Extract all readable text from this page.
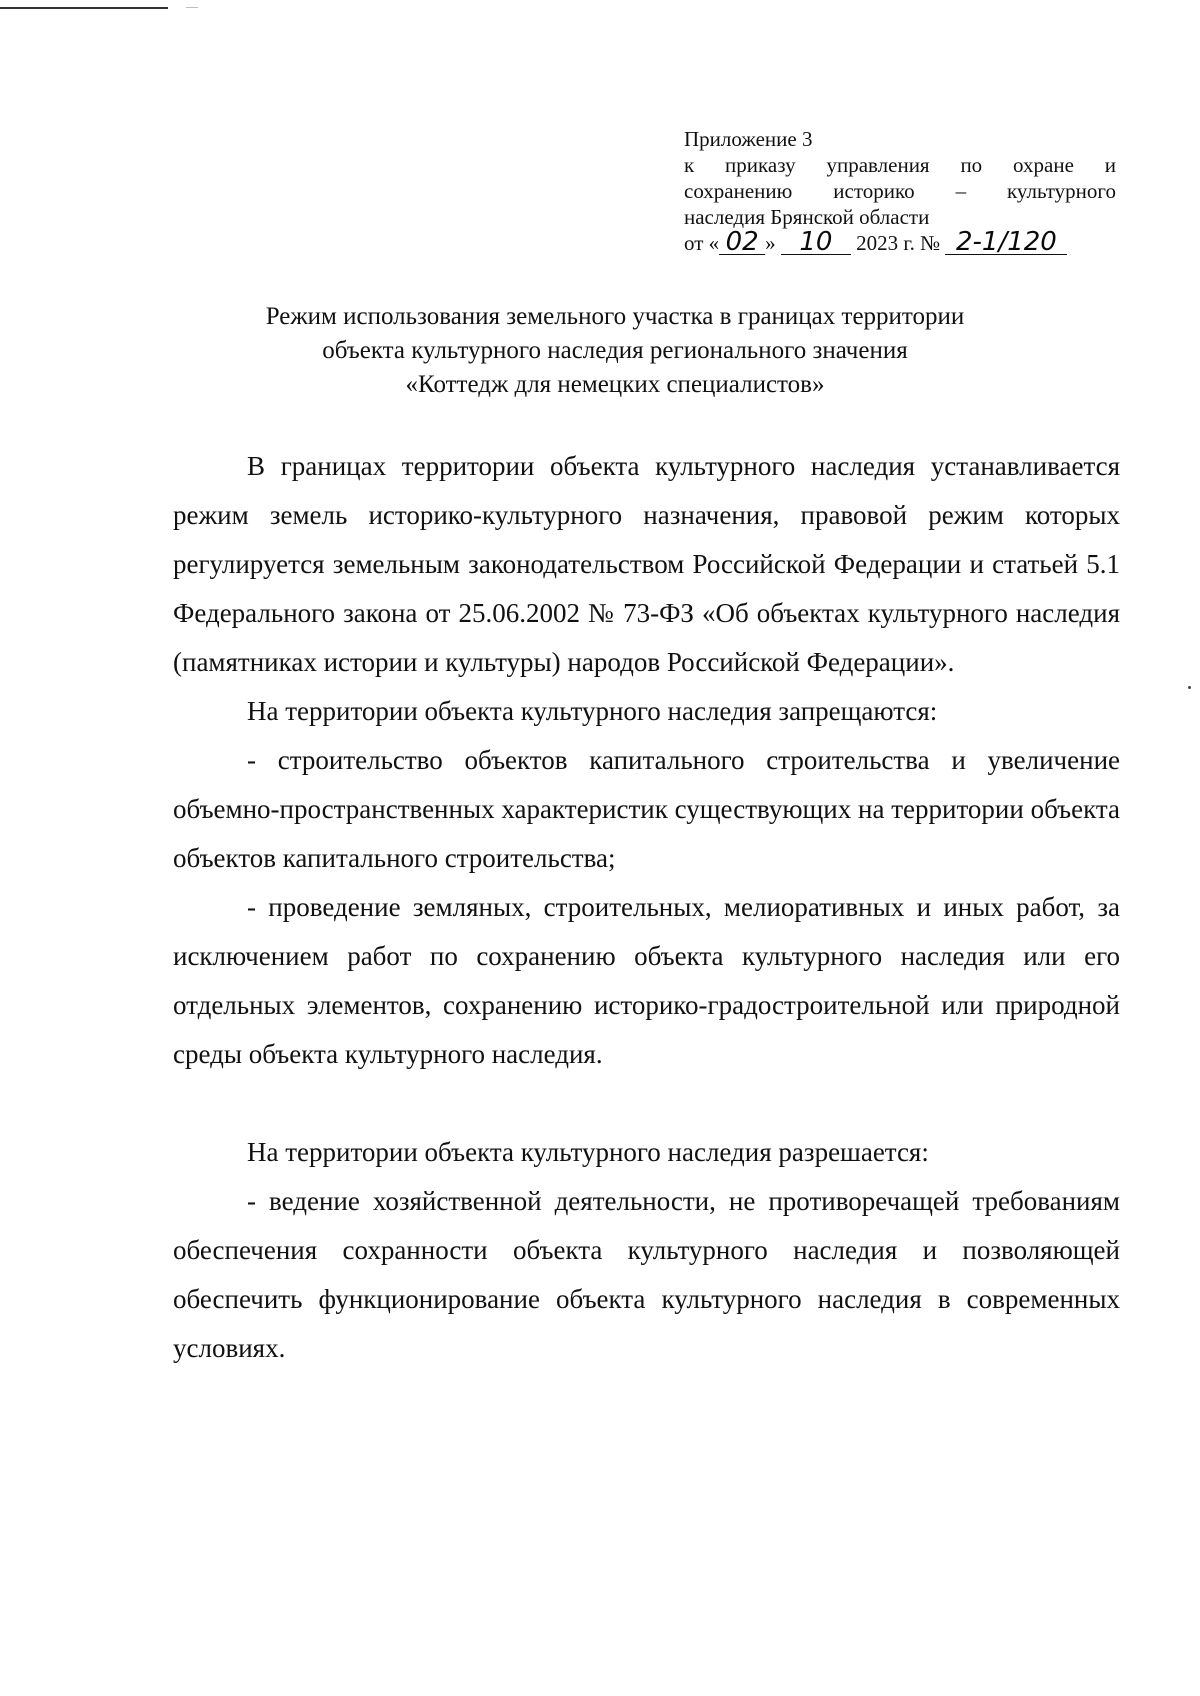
Приложение 3
к приказу управления по охране и
сохранению историко – культурного
наследия Брянской области
от « 02 » 10 2023 г. № 2-1/120
Режим использования земельного участка в границах территории
объекта культурного наследия регионального значения
«Коттедж для немецких специалистов»

В границах территории объекта культурного наследия устанавливается режим земель историко-культурного назначения, правовой режим которых регулируется земельным законодательством Российской Федерации и статьей 5.1 Федерального закона от 25.06.2002 № 73-ФЗ «Об объектах культурного наследия (памятниках истории и культуры) народов Российской Федерации».

На территории объекта культурного наследия запрещаются:

- строительство объектов капитального строительства и увеличение объемно-пространственных характеристик существующих на территории объекта объектов капитального строительства;

- проведение земляных, строительных, мелиоративных и иных работ, за исключением работ по сохранению объекта культурного наследия или его отдельных элементов, сохранению историко-градостроительной или природной среды объекта культурного наследия.

На территории объекта культурного наследия разрешается:

- ведение хозяйственной деятельности, не противоречащей требованиям обеспечения сохранности объекта культурного наследия и позволяющей обеспечить функционирование объекта культурного наследия в современных условиях.
